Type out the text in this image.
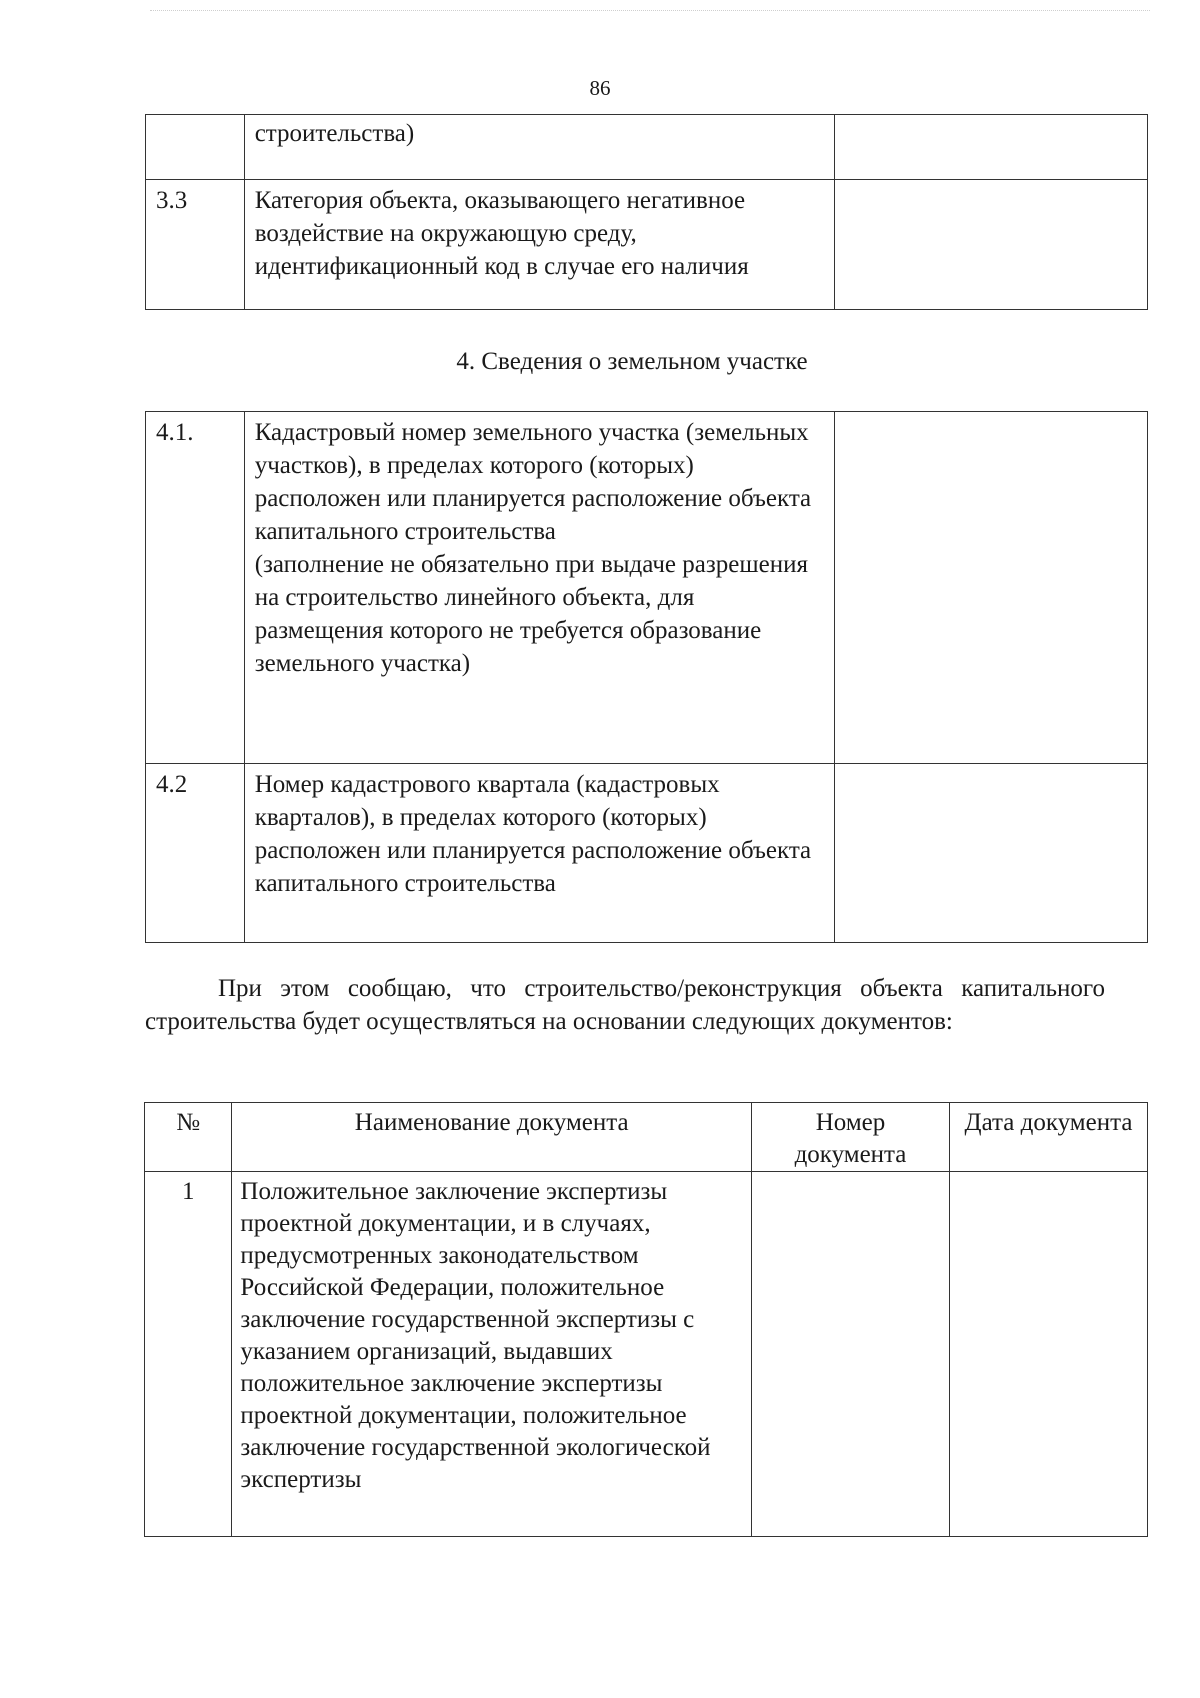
86
	строительства)	
3.3	Категория объекта, оказывающего негативное воздействие на окружающую среду, идентификационный код в случае его наличия	
4. Сведения о земельном участке
4.1.	Кадастровый номер земельного участка (земельных участков), в пределах которого (которых) расположен или планируется расположение объекта капитального строительства
(заполнение не обязательно при выдаче разрешения на строительство линейного объекта, для размещения которого не требуется образование земельного участка)	
4.2	Номер кадастрового квартала (кадастровых кварталов), в пределах которого (которых) расположен или планируется расположение объекта капитального строительства	
При этом сообщаю, что строительство/реконструкция объекта капитального строительства будет осуществляться на основании следующих документов:
№	Наименование документа	Номер документа	Дата документа
1	Положительное заключение экспертизы проектной документации, и в случаях, предусмотренных законодательством Российской Федерации, положительное заключение государственной экспертизы с указанием организаций, выдавших положительное заключение экспертизы проектной документации, положительное заключение государственной экологической экспертизы		
